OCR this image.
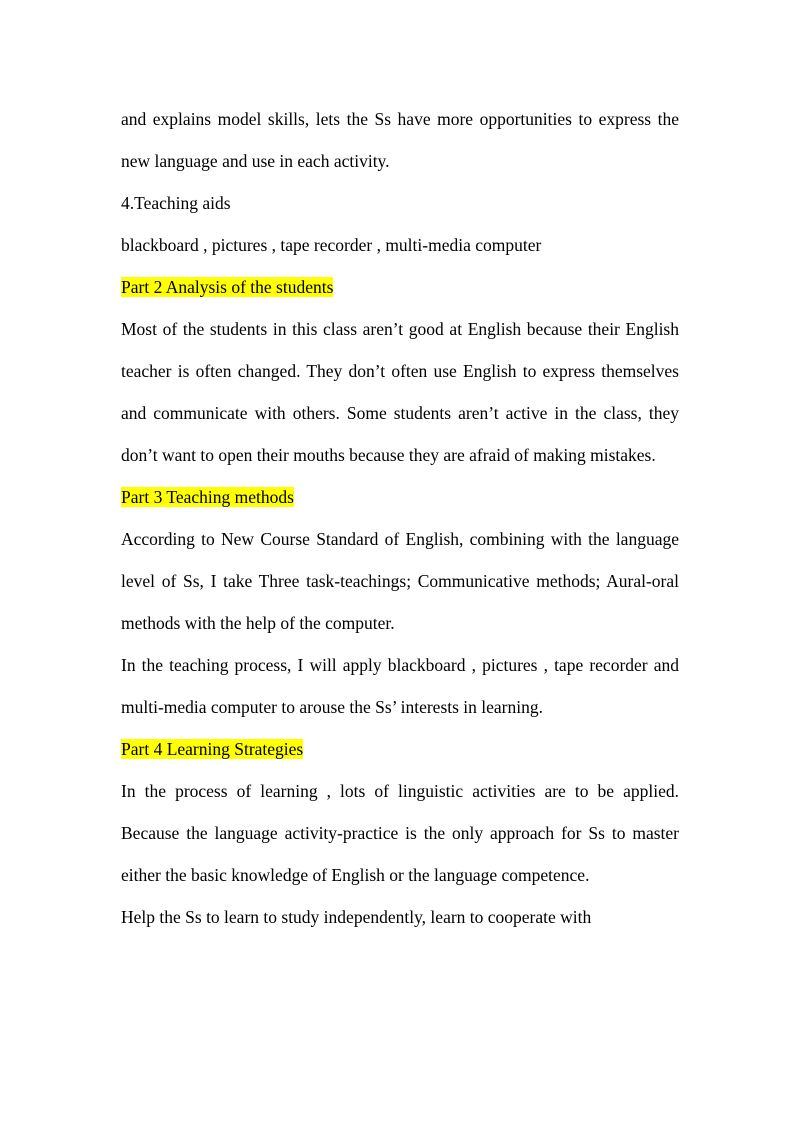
and explains model skills, lets the Ss have more opportunities to express the new language and use in each activity.

4.Teaching aids

blackboard , pictures , tape recorder , multi-media computer

Part 2 Analysis of the students

Most of the students in this class aren’t good at English because their English teacher is often changed. They don’t often use English to express themselves and communicate with others. Some students aren’t active in the class, they don’t want to open their mouths because they are afraid of making mistakes.

Part 3 Teaching methods

According to New Course Standard of English, combining with the language level of Ss, I take Three task-teachings; Communicative methods; Aural-oral methods with the help of the computer.

In the teaching process, I will apply blackboard , pictures , tape recorder and multi-media computer to arouse the Ss’ interests in learning.

Part 4 Learning Strategies

In the process of learning , lots of linguistic activities are to be applied. Because the language activity-practice is the only approach for Ss to master either the basic knowledge of English or the language competence.

Help the Ss to learn to study independently, learn to cooperate with
